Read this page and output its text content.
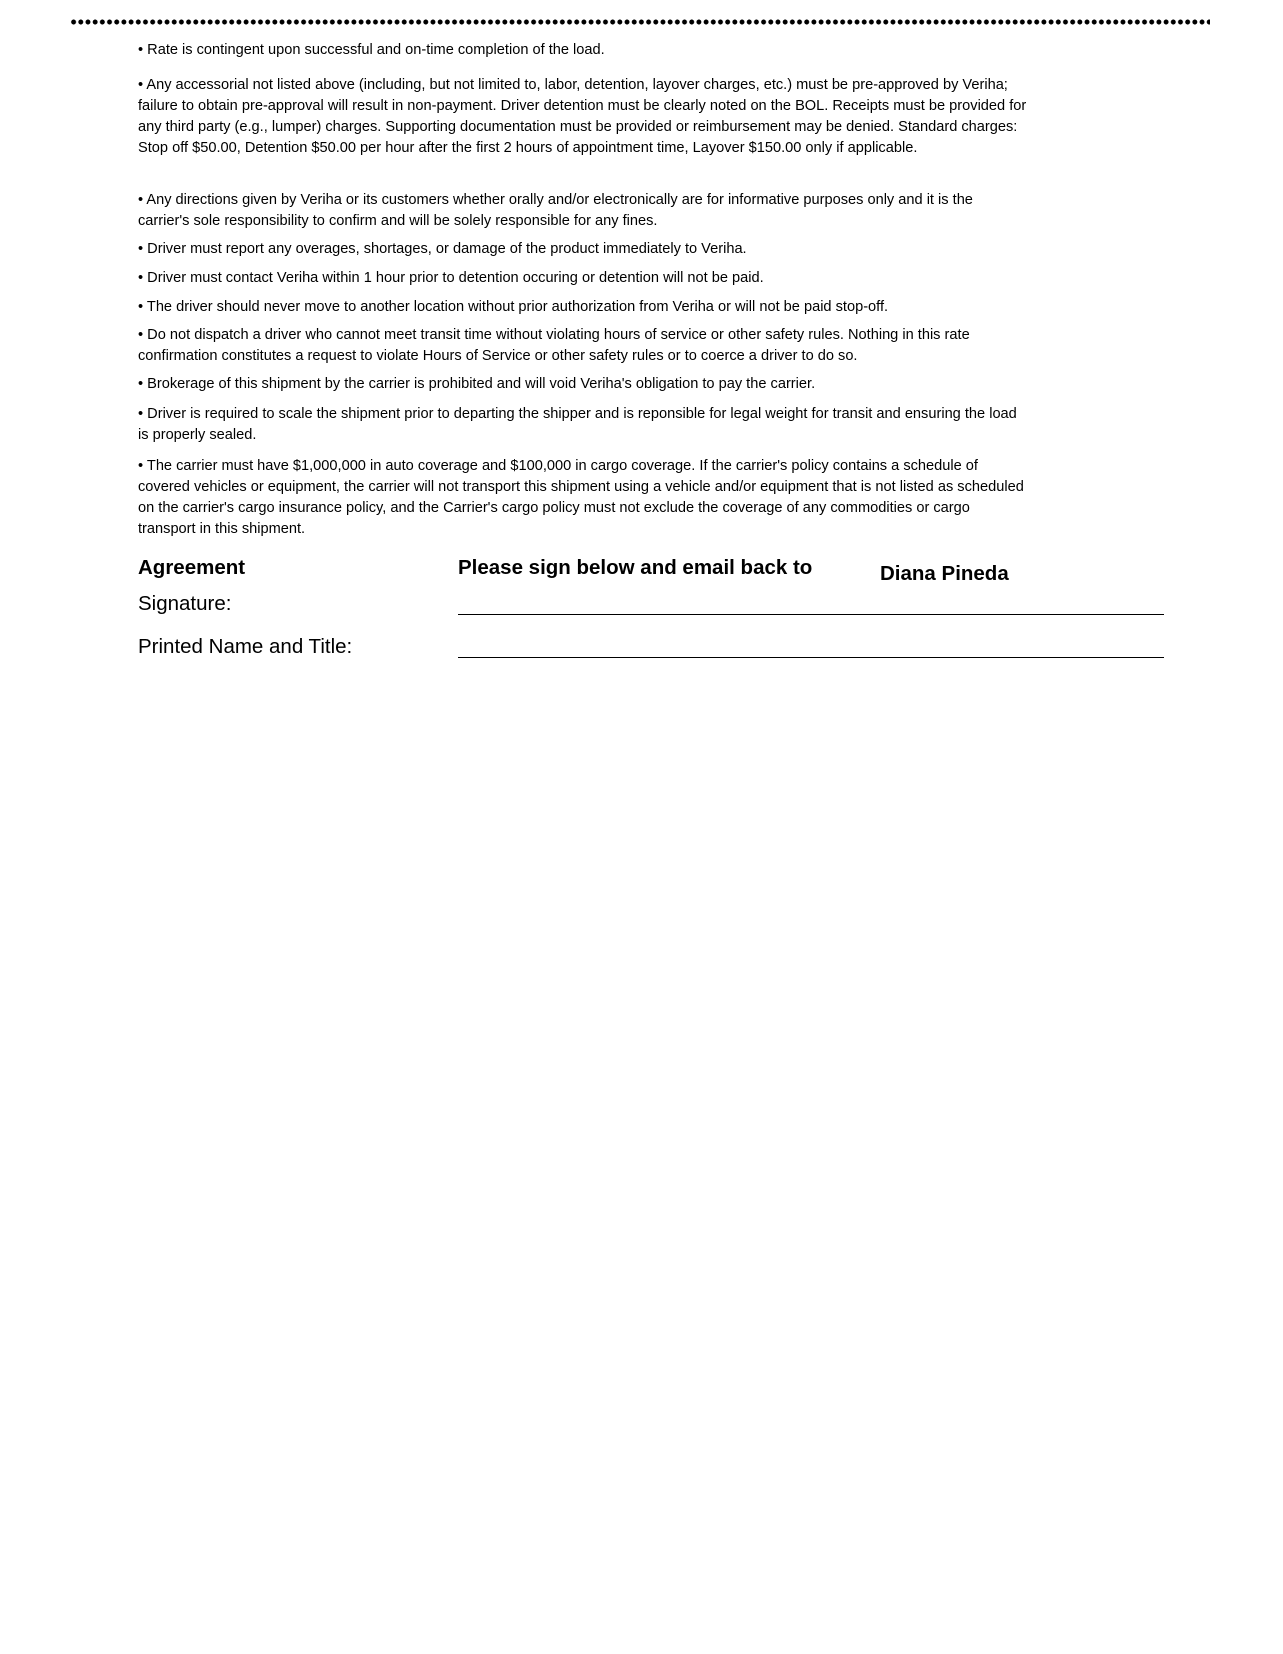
• Rate is contingent upon successful and on-time completion of the load.

• Any accessorial not listed above (including, but not limited to, labor, detention, layover charges, etc.) must be pre-approved by Veriha; failure to obtain pre-approval will result in non-payment. Driver detention must be clearly noted on the BOL. Receipts must be provided for any third party (e.g., lumper) charges. Supporting documentation must be provided or reimbursement may be denied. Standard charges: Stop off $50.00, Detention $50.00 per hour after the first 2 hours of appointment time, Layover $150.00 only if applicable.

• Any directions given by Veriha or its customers whether orally and/or electronically are for informative purposes only and it is the carrier's sole responsibility to confirm and will be solely responsible for any fines.

• Driver must report any overages, shortages, or damage of the product immediately to Veriha.

• Driver must contact Veriha within 1 hour prior to detention occuring or detention will not be paid.

• The driver should never move to another location without prior authorization from Veriha or will not be paid stop-off.

• Do not dispatch a driver who cannot meet transit time without violating hours of service or other safety rules. Nothing in this rate confirmation constitutes a request to violate Hours of Service or other safety rules or to coerce a driver to do so.

• Brokerage of this shipment by the carrier is prohibited and will void Veriha's obligation to pay the carrier.

• Driver is required to scale the shipment prior to departing the shipper and is reponsible for legal weight for transit and ensuring the load is properly sealed.

• The carrier must have $1,000,000 in auto coverage and $100,000 in cargo coverage. If the carrier's policy contains a schedule of covered vehicles or equipment, the carrier will not transport this shipment using a vehicle and/or equipment that is not listed as scheduled on the carrier's cargo insurance policy, and the Carrier's cargo policy must not exclude the coverage of any commodities or cargo transport in this shipment.

Agreement	Please sign below and email back to	Diana Pineda
Signature:
Printed Name and Title:
